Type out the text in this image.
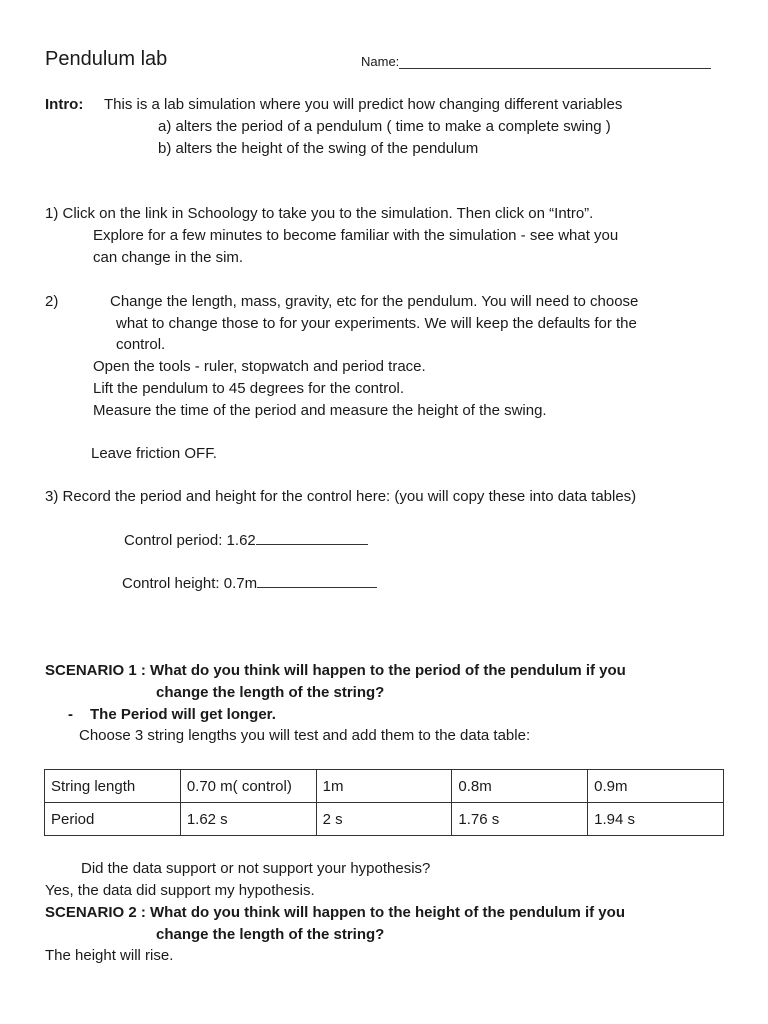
Pendulum lab	Name:
Intro: This is a lab simulation where you will predict how changing different variables
a) alters the period of a pendulum ( time to make a complete swing )
b) alters the height of the swing of the pendulum
1) Click on the link in Schoology to take you to the simulation. Then click on “Intro”.
Explore for a few minutes to become familiar with the simulation - see what you
can change in the sim.
2)	Change the length, mass, gravity, etc for the pendulum. You will need to choose
what to change those to for your experiments. We will keep the defaults for the
control.
Open the tools - ruler, stopwatch and period trace.
Lift the pendulum to 45 degrees for the control.
Measure the time of the period and measure the height of the swing.
Leave friction OFF.
3) Record the period and height for the control here: (you will copy these into data tables)
Control period: 1.62
Control height: 0.7m
SCENARIO 1 : What do you think will happen to the period of the pendulum if you
change the length of the string?
- The Period will get longer.
Choose 3 string lengths you will test and add them to the data table:
String length	0.70 m( control)	1m	0.8m	0.9m
Period	1.62 s	2 s	1.76 s	1.94 s
Did the data support or not support your hypothesis?
Yes, the data did support my hypothesis.
SCENARIO 2 : What do you think will happen to the height of the pendulum if you
change the length of the string?
The height will rise.
